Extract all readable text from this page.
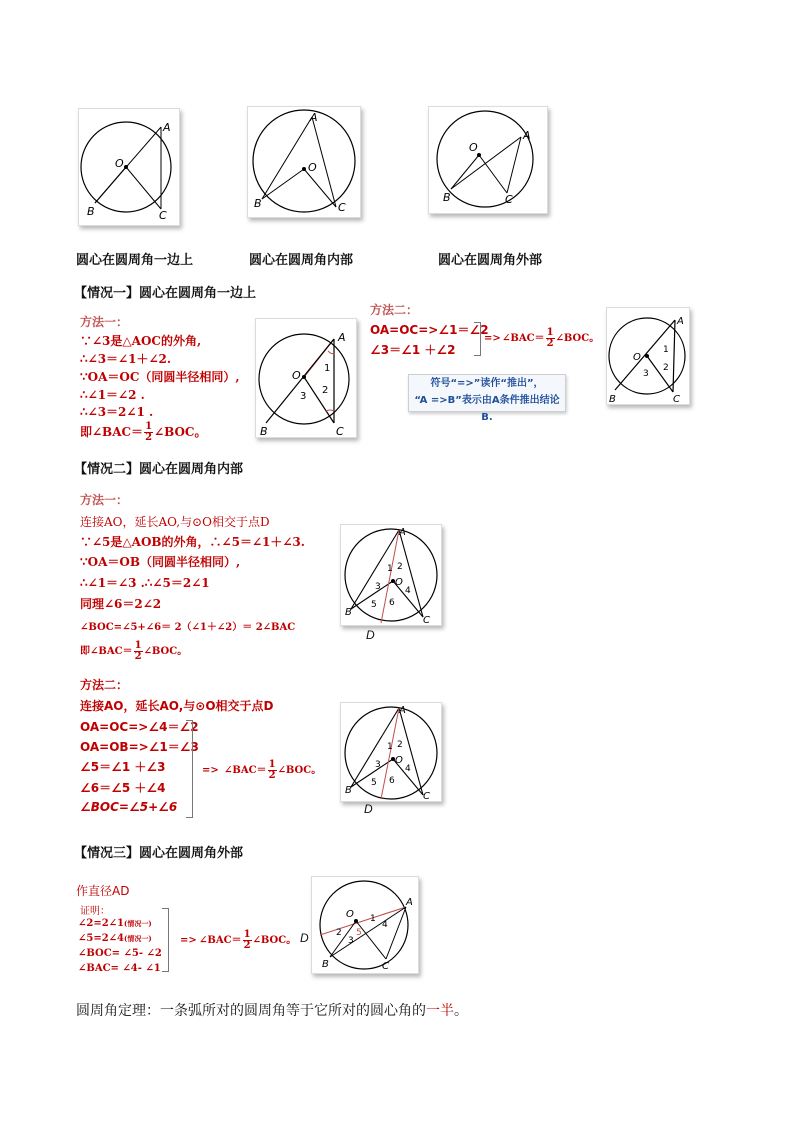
O
A
B	C
O
A
B	C
O
A
B	C
圆心在圆周角一边上	圆心在圆周角内部	圆心在圆周角外部
【情况一】圆心在圆周角一边上
方法一：
∵∠3是△AOC的外角,
∴∠3＝∠1＋∠2.
∵OA＝OC（同圆半径相同）,
∴∠1＝∠2 .
∴∠3＝2∠1 .
即∠BAC＝ $\frac{1}{2}$ ∠BOC。
O
A
B	C
1
2
3
方法二：
OA=OC=>∠1＝∠2
∠3＝∠1 ＋∠2
=> ∠BAC＝ $\frac{1}{2}$ ∠BOC。
符号“=>”读作“推出”，
“A =>B”表示由A条件推出结论B.
O
A
B	C
1
2
3
【情况二】圆心在圆周角内部
方法一：
连接AO，延长AO,与⊙O相交于点D
∵∠5是△AOB的外角，∴∠5＝∠1＋∠3.
∵OA＝OB（同圆半径相同）,
∴∠1＝∠3 .∴∠5＝2∠1
同理∠6＝2∠2
∠BOC=∠5+∠6＝ 2（∠1＋∠2）＝ 2∠BAC
即∠BAC＝ $\frac{1}{2}$ ∠BOC。
O
A
B
C
1 2
3	4
5 6
D
方法二：
连接AO，延长AO,与⊙O相交于点D
OA=OC=>∠4＝∠2
OA=OB=>∠1＝∠3
∠5＝∠1 ＋∠3
∠6＝∠5 ＋∠4
∠BOC=∠5+∠6
=> ∠BAC＝ $\frac{1}{2}$ ∠BOC。
O
A
B
C
1 2
3	4
5 6
D
【情况三】圆心在圆周角外部
作直径AD
证明：
∠2=2∠1(情况一)
∠5=2∠4(情况一)
∠BOC= ∠5- ∠2
∠BAC= ∠4- ∠1
=> ∠BAC＝ $\frac{1}{2}$ ∠BOC。 D
O
A
B	C
1
2
3
4
5
圆周角定理：一条弧所对的圆周角等于它所对的圆心角的一半。
